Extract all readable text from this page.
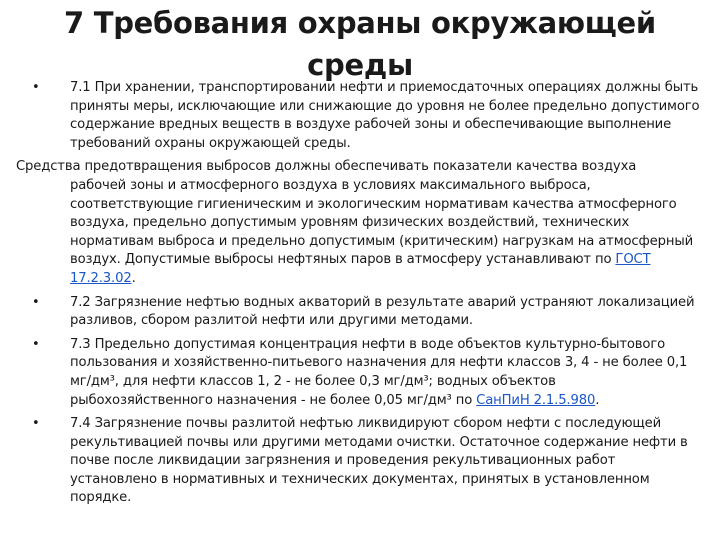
7 Требования охраны окружающей
среды
• 7.1 При хранении, транспортировании нефти и приемосдаточных операциях должны быть приняты меры, исключающие или снижающие до уровня не более предельно допустимого содержание вредных веществ в воздухе рабочей зоны и обеспечивающие выполнение требований охраны окружающей среды.
Средства предотвращения выбросов должны обеспечивать показатели качества воздуха
рабочей зоны и атмосферного воздуха в условиях максимального выброса, соответствующие гигиеническим и экологическим нормативам качества атмосферного воздуха, предельно допустимым уровням физических воздействий, технических нормативам выброса и предельно допустимым (критическим) нагрузкам на атмосферный воздух. Допустимые выбросы нефтяных паров в атмосферу устанавливают по ГОСТ 17.2.3.02.
• 7.2 Загрязнение нефтью водных акваторий в результате аварий устраняют локализацией разливов, сбором разлитой нефти или другими методами.
• 7.3 Предельно допустимая концентрация нефти в воде объектов культурно-бытового пользования и хозяйственно-питьевого назначения для нефти классов 3, 4 - не более 0,1 мг/дм³, для нефти классов 1, 2 - не более 0,3 мг/дм³; водных объектов рыбохозяйственного назначения - не более 0,05 мг/дм³ по СанПиН 2.1.5.980.
• 7.4 Загрязнение почвы разлитой нефтью ликвидируют сбором нефти с последующей рекультивацией почвы или другими методами очистки. Остаточное содержание нефти в почве после ликвидации загрязнения и проведения рекультивационных работ установлено в нормативных и технических документах, принятых в установленном порядке.
